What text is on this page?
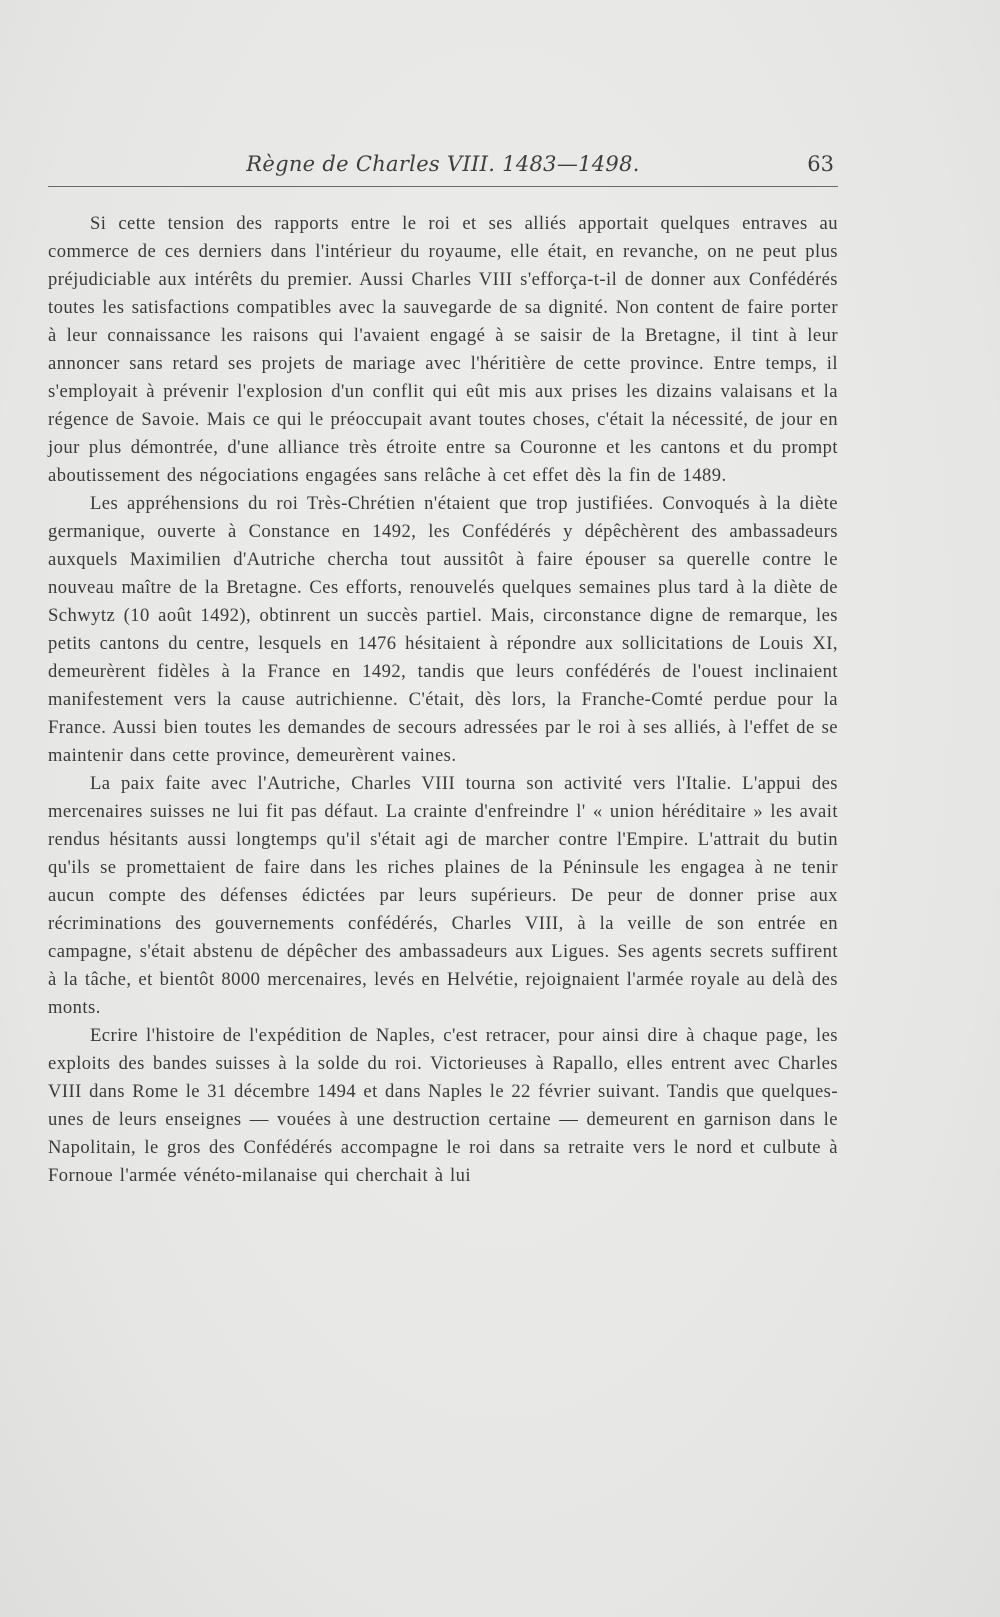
Règne de Charles VIII. 1483—1498.	63

Si cette tension des rapports entre le roi et ses alliés apportait quelques entraves au commerce de ces derniers dans l'intérieur du royaume, elle était, en revanche, on ne peut plus préjudiciable aux intérêts du premier. Aussi Charles VIII s'efforça-t-il de donner aux Confédérés toutes les satisfactions compatibles avec la sauvegarde de sa dignité. Non content de faire porter à leur connaissance les raisons qui l'avaient engagé à se saisir de la Bretagne, il tint à leur annoncer sans retard ses projets de mariage avec l'héritière de cette province. Entre temps, il s'employait à prévenir l'explosion d'un conflit qui eût mis aux prises les dizains valaisans et la régence de Savoie. Mais ce qui le préoccupait avant toutes choses, c'était la nécessité, de jour en jour plus démontrée, d'une alliance très étroite entre sa Couronne et les cantons et du prompt aboutissement des négociations engagées sans relâche à cet effet dès la fin de 1489.

Les appréhensions du roi Très-Chrétien n'étaient que trop justifiées. Convoqués à la diète germanique, ouverte à Constance en 1492, les Confédérés y dépêchèrent des ambassadeurs auxquels Maximilien d'Autriche chercha tout aussitôt à faire épouser sa querelle contre le nouveau maître de la Bretagne. Ces efforts, renouvelés quelques semaines plus tard à la diète de Schwytz (10 août 1492), obtinrent un succès partiel. Mais, circonstance digne de remarque, les petits cantons du centre, lesquels en 1476 hésitaient à répondre aux sollicitations de Louis XI, demeurèrent fidèles à la France en 1492, tandis que leurs confédérés de l'ouest inclinaient manifestement vers la cause autrichienne. C'était, dès lors, la Franche-Comté perdue pour la France. Aussi bien toutes les demandes de secours adressées par le roi à ses alliés, à l'effet de se maintenir dans cette province, demeurèrent vaines.

La paix faite avec l'Autriche, Charles VIII tourna son activité vers l'Italie. L'appui des mercenaires suisses ne lui fit pas défaut. La crainte d'enfreindre l' « union héréditaire » les avait rendus hésitants aussi longtemps qu'il s'était agi de marcher contre l'Empire. L'attrait du butin qu'ils se promettaient de faire dans les riches plaines de la Péninsule les engagea à ne tenir aucun compte des défenses édictées par leurs supérieurs. De peur de donner prise aux récriminations des gouvernements confédérés, Charles VIII, à la veille de son entrée en campagne, s'était abstenu de dépêcher des ambassadeurs aux Ligues. Ses agents secrets suffirent à la tâche, et bientôt 8000 mercenaires, levés en Helvétie, rejoignaient l'armée royale au delà des monts.

Ecrire l'histoire de l'expédition de Naples, c'est retracer, pour ainsi dire à chaque page, les exploits des bandes suisses à la solde du roi. Victorieuses à Rapallo, elles entrent avec Charles VIII dans Rome le 31 décembre 1494 et dans Naples le 22 février suivant. Tandis que quelques-unes de leurs enseignes — vouées à une destruction certaine — demeurent en garnison dans le Napolitain, le gros des Confédérés accompagne le roi dans sa retraite vers le nord et culbute à Fornoue l'armée vénéto-milanaise qui cherchait à lui
